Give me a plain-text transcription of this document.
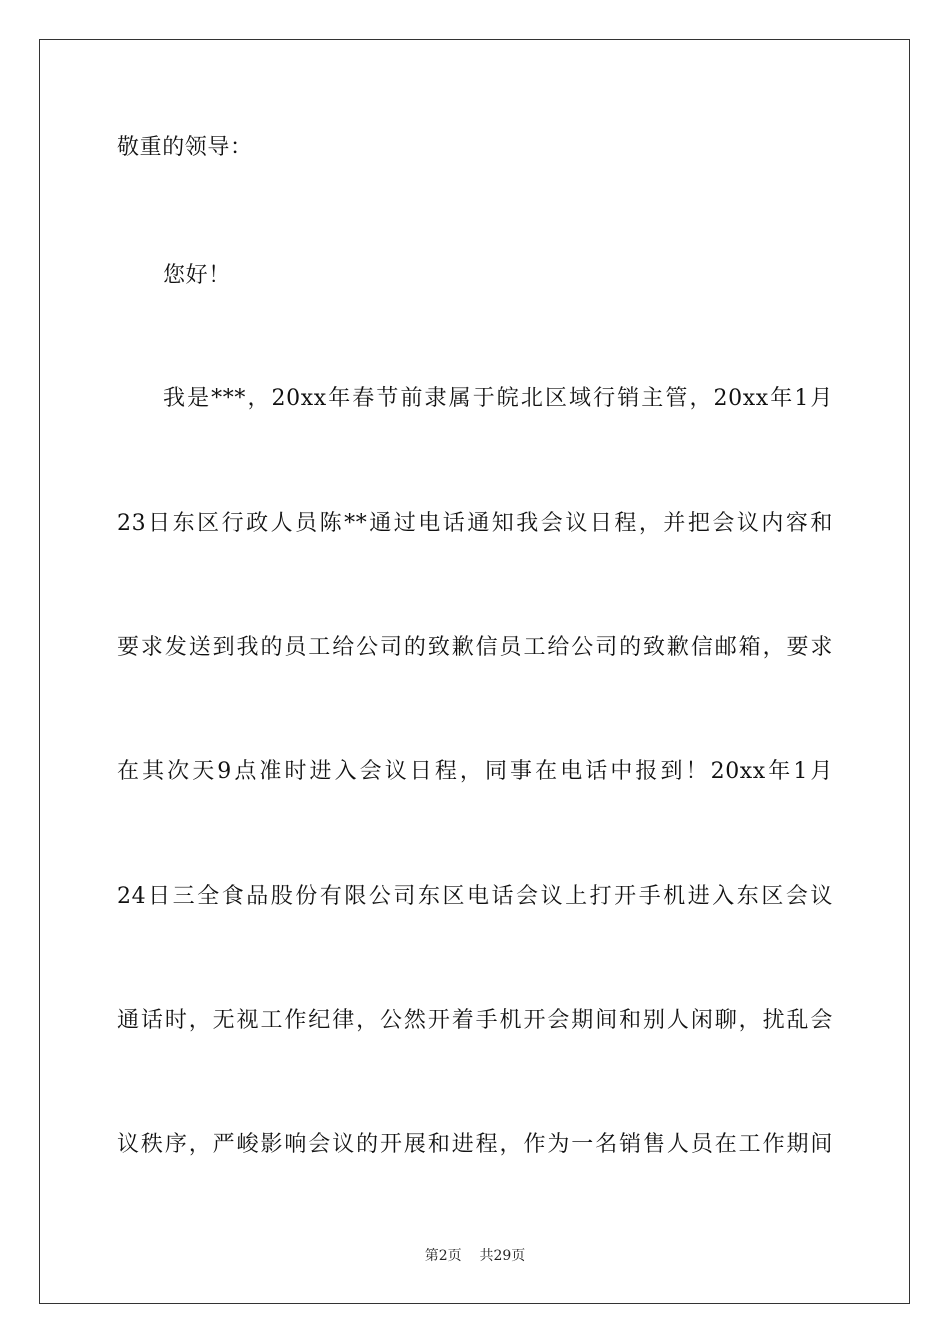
敬重的领导：
您好！
我是***，20xx年春节前隶属于皖北区域行销主管，20xx年1月
23日东区行政人员陈**通过电话通知我会议日程，并把会议内容和
要求发送到我的员工给公司的致歉信员工给公司的致歉信邮箱，要求
在其次天9点准时进入会议日程，同事在电话中报到！20xx年1月
24日三全食品股份有限公司东区电话会议上打开手机进入东区会议
通话时，无视工作纪律，公然开着手机开会期间和别人闲聊，扰乱会
议秩序，严峻影响会议的开展和进程，作为一名销售人员在工作期间
第2页    共29页
